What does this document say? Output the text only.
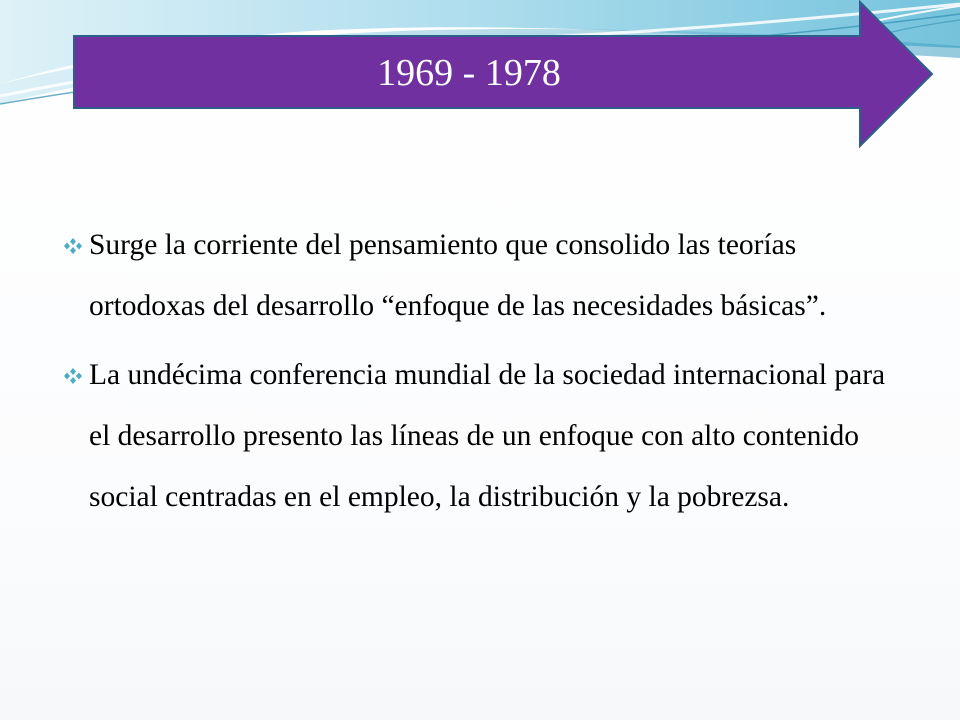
1969 - 1978
Surge la corriente del pensamiento que consolido las teorías ortodoxas del desarrollo “enfoque de las necesidades básicas”.
La undécima conferencia mundial de la sociedad internacional para el desarrollo presento las líneas de un enfoque con alto contenido social centradas en el empleo, la distribución y la pobrezsa.
